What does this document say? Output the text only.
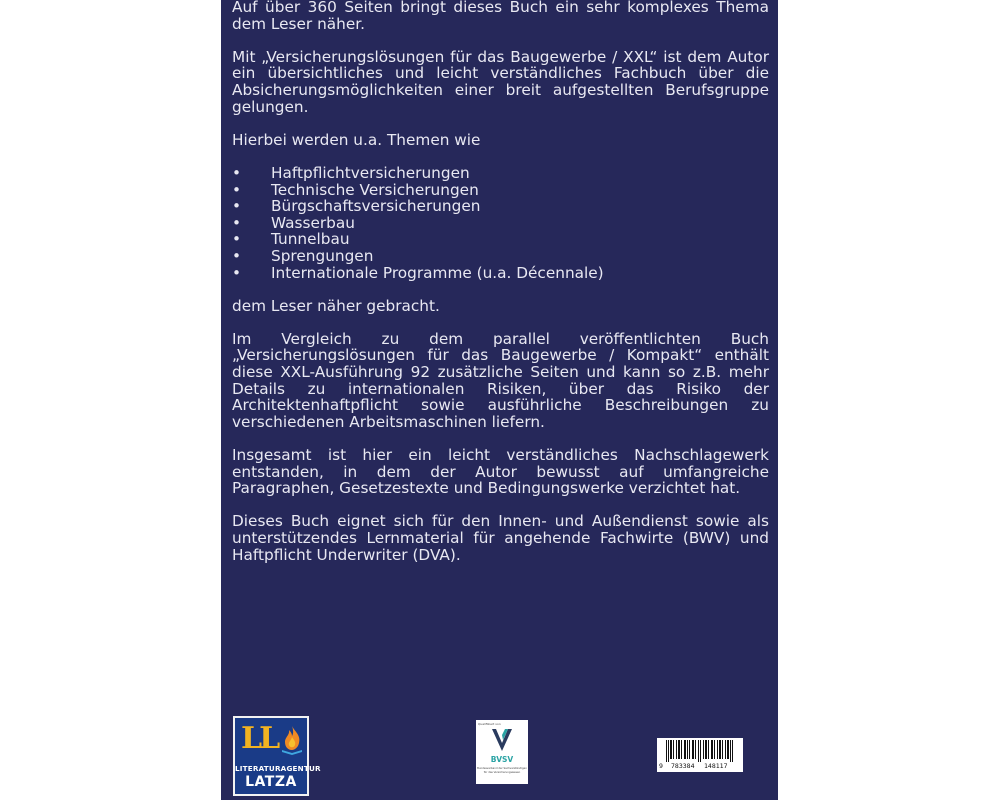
Auf über 360 Seiten bringt dieses Buch ein sehr komplexes Thema dem Leser näher.

Mit „Versicherungslösungen für das Baugewerbe / XXL“ ist dem Autor ein übersichtliches und leicht verständliches Fachbuch über die Absicherungsmöglichkeiten einer breit aufgestellten Berufsgruppe gelungen.

Hierbei werden u.a. Themen wie

• Haftpflichtversicherungen
• Technische Versicherungen
• Bürgschaftsversicherungen
• Wasserbau
• Tunnelbau
• Sprengungen
• Internationale Programme (u.a. Décennale)

dem Leser näher gebracht.

Im Vergleich zu dem parallel veröffentlichten Buch „Versicherungslösungen für das Baugewerbe / Kompakt“ enthält diese XXL-Ausführung 92 zusätzliche Seiten und kann so z.B. mehr Details zu internationalen Risiken, über das Risiko der Architektenhaftpflicht sowie ausführliche Beschreibungen zu verschiedenen Arbeitsmaschinen liefern.

Insgesamt ist hier ein leicht verständliches Nachschlagewerk entstanden, in dem der Autor bewusst auf umfangreiche Paragraphen, Gesetzestexte und Bedingungswerke verzichtet hat.

Dieses Buch eignet sich für den Innen- und Außendienst sowie als unterstützendes Lernmaterial für angehende Fachwirte (BWV) und Haftpflicht Underwriter (DVA).

LL
LITERATURAGENTUR
LATZA
Qualifiziert von
BVSV
Bundesverband der Sachverständigen
für das Versicherungswesen
9 783384 148117
